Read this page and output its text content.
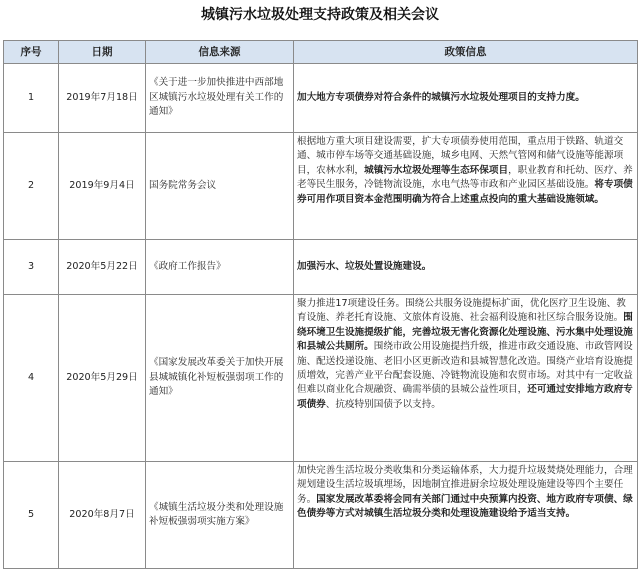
城镇污水垃圾处理支持政策及相关会议
序号	日期	信息来源	政策信息
1	2019年7月18日	《关于进一步加快推进中西部地区城镇污水垃圾处理有关工作的通知》	加大地方专项债券对符合条件的城镇污水垃圾处理项目的支持力度。
2	2019年9月4日	国务院常务会议	根据地方重大项目建设需要，扩大专项债券使用范围，重点用于铁路、轨道交通、城市停车场等交通基础设施，城乡电网、天然气管网和储气设施等能源项目，农林水利，城镇污水垃圾处理等生态环保项目，职业教育和托幼、医疗、养老等民生服务，冷链物流设施，水电气热等市政和产业园区基础设施。将专项债券可用作项目资本金范围明确为符合上述重点投向的重大基础设施领域。
3	2020年5月22日	《政府工作报告》	加强污水、垃圾处置设施建设。
4	2020年5月29日	《国家发展改革委关于加快开展县城城镇化补短板强弱项工作的通知》	聚力推进17项建设任务。围绕公共服务设施提标扩面，优化医疗卫生设施、教育设施、养老托育设施、文旅体育设施、社会福利设施和社区综合服务设施。围绕环境卫生设施提级扩能，完善垃圾无害化资源化处理设施、污水集中处理设施和县城公共厕所。围绕市政公用设施提挡升级，推进市政交通设施、市政管网设施、配送投递设施、老旧小区更新改造和县城智慧化改造。围绕产业培育设施提质增效，完善产业平台配套设施、冷链物流设施和农贸市场。对其中有一定收益但难以商业化合规融资、确需举债的县城公益性项目，还可通过安排地方政府专项债券、抗疫特别国债予以支持。
5	2020年8月7日	《城镇生活垃圾分类和处理设施补短板强弱项实施方案》	加快完善生活垃圾分类收集和分类运输体系，大力提升垃圾焚烧处理能力，合理规划建设生活垃圾填埋场，因地制宜推进厨余垃圾处理设施建设等四个主要任务。国家发展改革委将会同有关部门通过中央预算内投资、地方政府专项债、绿色债券等方式对城镇生活垃圾分类和处理设施建设给予适当支持。
